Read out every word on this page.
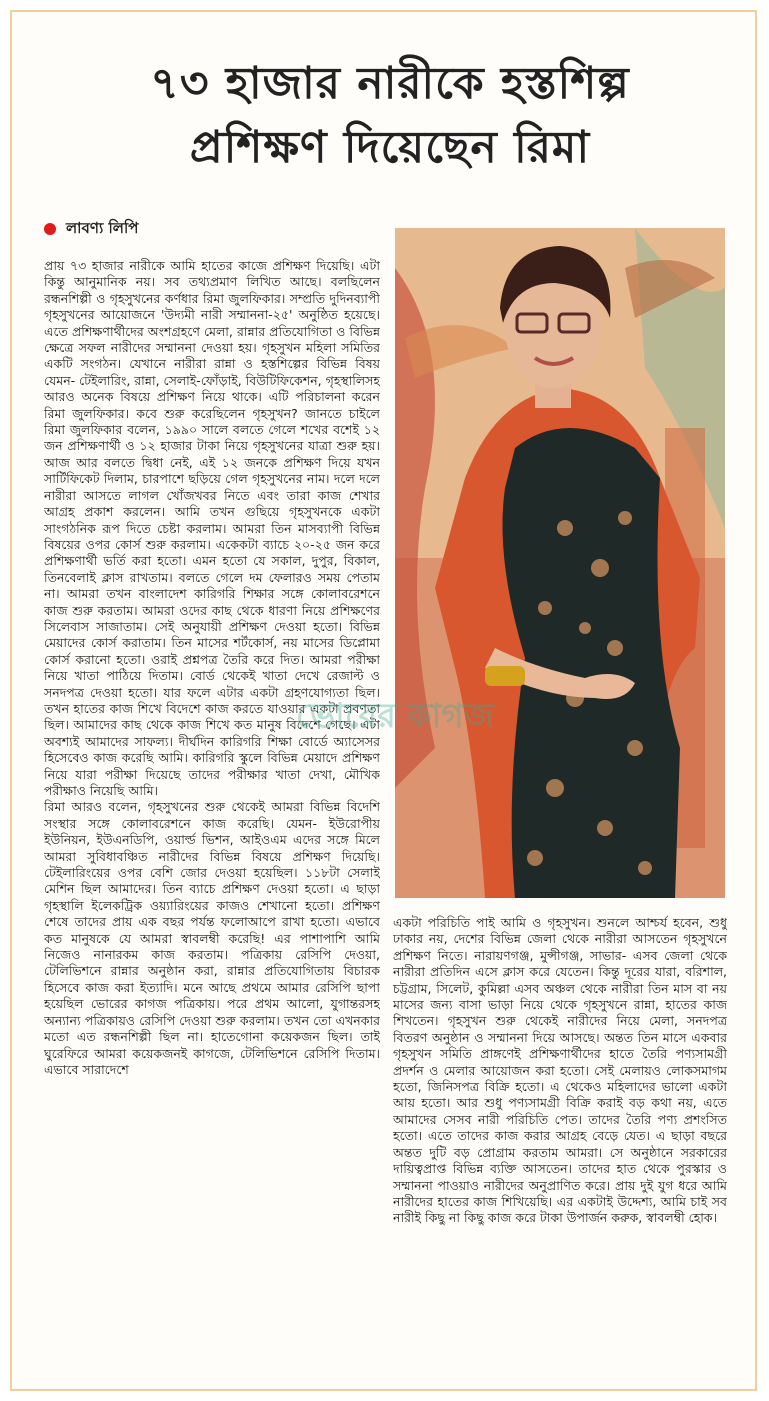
৭৩ হাজার নারীকে হস্তশিল্প
প্রশিক্ষণ দিয়েছেন রিমা
লাবণ্য লিপি

প্রায় ৭৩ হাজার নারীকে আমি হাতের কাজে প্রশিক্ষণ দিয়েছি। এটা কিন্তু আনুমানিক নয়। সব তথ্যপ্রমাণ লিখিত আছে। বলছিলেন রন্ধনশিল্পী ও গৃহসুখনের কর্ণধার রিমা জুলফিকার। সম্প্রতি দুদিনব্যাপী গৃহসুখনের আয়োজনে 'উদ্যমী নারী সম্মাননা-২৫' অনুষ্ঠিত হয়েছে। এতে প্রশিক্ষণার্থীদের অংশগ্রহণে মেলা, রান্নার প্রতিযোগিতা ও বিভিন্ন ক্ষেত্রে সফল নারীদের সম্মাননা দেওয়া হয়। গৃহসুখন মহিলা সমিতির একটি সংগঠন। যেখানে নারীরা রান্না ও হস্তশিল্পের বিভিন্ন বিষয় যেমন- টেইলারিং, রান্না, সেলাই-ফোঁড়াই, বিউটিফিকেশন, গৃহস্থালিসহ আরও অনেক বিষয়ে প্রশিক্ষণ নিয়ে থাকে। এটি পরিচালনা করেন রিমা জুলফিকার। কবে শুরু করেছিলেন গৃহসুখন? জানতে চাইলে রিমা জুলফিকার বলেন, ১৯৯০ সালে বলতে গেলে শখের বশেই ১২ জন প্রশিক্ষণার্থী ও ১২ হাজার টাকা নিয়ে গৃহসুখনের যাত্রা শুরু হয়। আজ আর বলতে দ্বিধা নেই, এই ১২ জনকে প্রশিক্ষণ দিয়ে যখন সার্টিফিকেট দিলাম, চারপাশে ছড়িয়ে গেল গৃহসুখনের নাম। দলে দলে নারীরা আসতে লাগল খোঁজখবর নিতে এবং তারা কাজ শেখার আগ্রহ প্রকাশ করলেন। আমি তখন গুছিয়ে গৃহসুখনকে একটা সাংগঠনিক রূপ দিতে চেষ্টা করলাম। আমরা তিন মাসব্যাপী বিভিন্ন বিষয়ের ওপর কোর্স শুরু করলাম। একেকটা ব্যাচে ২০-২৫ জন করে প্রশিক্ষণার্থী ভর্তি করা হতো। এমন হতো যে সকাল, দুপুর, বিকাল, তিনবেলাই ক্লাস রাখতাম। বলতে গেলে দম ফেলারও সময় পেতাম না। আমরা তখন বাংলাদেশ কারিগরি শিক্ষার সঙ্গে কোলাবরেশনে কাজ শুরু করতাম। আমরা ওদের কাছ থেকে ধারণা নিয়ে প্রশিক্ষণের সিলেবাস সাজাতাম। সেই অনুযায়ী প্রশিক্ষণ দেওয়া হতো। বিভিন্ন মেয়াদের কোর্স করাতাম। তিন মাসের শর্টকোর্স, নয় মাসের ডিপ্লোমা কোর্স করানো হতো। ওরাই প্রশ্নপত্র তৈরি করে দিত। আমরা পরীক্ষা নিয়ে খাতা পাঠিয়ে দিতাম। বোর্ড থেকেই খাতা দেখে রেজাল্ট ও সনদপত্র দেওয়া হতো। যার ফলে এটার একটা গ্রহণযোগ্যতা ছিল। তখন হাতের কাজ শিখে বিদেশে কাজ করতে যাওয়ার একটা প্রবণতা ছিল। আমাদের কাছ থেকে কাজ শিখে কত মানুষ বিদেশে গেছে। এটা অবশ্যই আমাদের সাফল্য। দীর্ঘদিন কারিগরি শিক্ষা বোর্ডে অ্যাসেসর হিসেবেও কাজ করেছি আমি। কারিগরি স্কুলে বিভিন্ন মেয়াদে প্রশিক্ষণ নিয়ে যারা পরীক্ষা দিয়েছে তাদের পরীক্ষার খাতা দেখা, মৌখিক পরীক্ষাও নিয়েছি আমি।

রিমা আরও বলেন, গৃহসুখনের শুরু থেকেই আমরা বিভিন্ন বিদেশি সংস্থার সঙ্গে কোলাবরেশনে কাজ করেছি। যেমন- ইউরোপীয় ইউনিয়ন, ইউএনডিপি, ওয়ার্ল্ড ভিশন, আইওএম এদের সঙ্গে মিলে আমরা সুবিধাবঞ্চিত নারীদের বিভিন্ন বিষয়ে প্রশিক্ষণ দিয়েছি। টেইলারিংয়ের ওপর বেশি জোর দেওয়া হয়েছিল। ১১৮টা সেলাই মেশিন ছিল আমাদের। তিন ব্যাচে প্রশিক্ষণ দেওয়া হতো। এ ছাড়া গৃহস্থালি ইলেকট্রিক ওয়্যারিংয়ের কাজও শেখানো হতো। প্রশিক্ষণ শেষে তাদের প্রায় এক বছর পর্যন্ত ফলোআপে রাখা হতো। এভাবে কত মানুষকে যে আমরা স্বাবলম্বী করেছি! এর পাশাপাশি আমি নিজেও নানারকম কাজ করতাম। পত্রিকায় রেসিপি দেওয়া, টেলিভিশনে রান্নার অনুষ্ঠান করা, রান্নার প্রতিযোগিতায় বিচারক হিসেবে কাজ করা ইত্যাদি। মনে আছে প্রথমে আমার রেসিপি ছাপা হয়েছিল ভোরের কাগজ পত্রিকায়। পরে প্রথম আলো, যুগান্তরসহ অন্যান্য পত্রিকায়ও রেসিপি দেওয়া শুরু করলাম। তখন তো এখনকার মতো এত রন্ধনশিল্পী ছিল না। হাতেগোনা কয়েকজন ছিল। তাই ঘুরেফিরে আমরা কয়েকজনই কাগজে, টেলিভিশনে রেসিপি দিতাম। এভাবে সারাদেশে

ভোরের কাগজ

একটা পরিচিতি পাই আমি ও গৃহসুখন। শুনলে আশ্চর্য হবেন, শুধু ঢাকার নয়, দেশের বিভিন্ন জেলা থেকে নারীরা আসতেন গৃহসুখনে প্রশিক্ষণ নিতে। নারায়ণগঞ্জ, মুন্সীগঞ্জ, সাভার- এসব জেলা থেকে নারীরা প্রতিদিন এসে ক্লাস করে যেতেন। কিন্তু দূরের যারা, বরিশাল, চট্টগ্রাম, সিলেট, কুমিল্লা এসব অঞ্চল থেকে নারীরা তিন মাস বা নয় মাসের জন্য বাসা ভাড়া নিয়ে থেকে গৃহসুখনে রান্না, হাতের কাজ শিখতেন। গৃহসুখন শুরু থেকেই নারীদের নিয়ে মেলা, সনদপত্র বিতরণ অনুষ্ঠান ও সম্মাননা দিয়ে আসছে। অন্তত তিন মাসে একবার গৃহসুখন সমিতি প্রাঙ্গণেই প্রশিক্ষণার্থীদের হাতে তৈরি পণ্যসামগ্রী প্রদর্শন ও মেলার আয়োজন করা হতো। সেই মেলায়ও লোকসমাগম হতো, জিনিসপত্র বিক্রি হতো। এ থেকেও মহিলাদের ভালো একটা আয় হতো। আর শুধু পণ্যসামগ্রী বিক্রি করাই বড় কথা নয়, এতে আমাদের সেসব নারী পরিচিতি পেত। তাদের তৈরি পণ্য প্রশংসিত হতো। এতে তাদের কাজ করার আগ্রহ বেড়ে যেত। এ ছাড়া বছরে অন্তত দুটি বড় প্রোগ্রাম করতাম আমরা। সে অনুষ্ঠানে সরকারের দায়িত্বপ্রাপ্ত বিভিন্ন ব্যক্তি আসতেন। তাদের হাত থেকে পুরস্কার ও সম্মাননা পাওয়াও নারীদের অনুপ্রাণিত করে। প্রায় দুই যুগ ধরে আমি নারীদের হাতের কাজ শিখিয়েছি। এর একটাই উদ্দেশ্য, আমি চাই সব নারীই কিছু না কিছু কাজ করে টাকা উপার্জন করুক, স্বাবলম্বী হোক।
